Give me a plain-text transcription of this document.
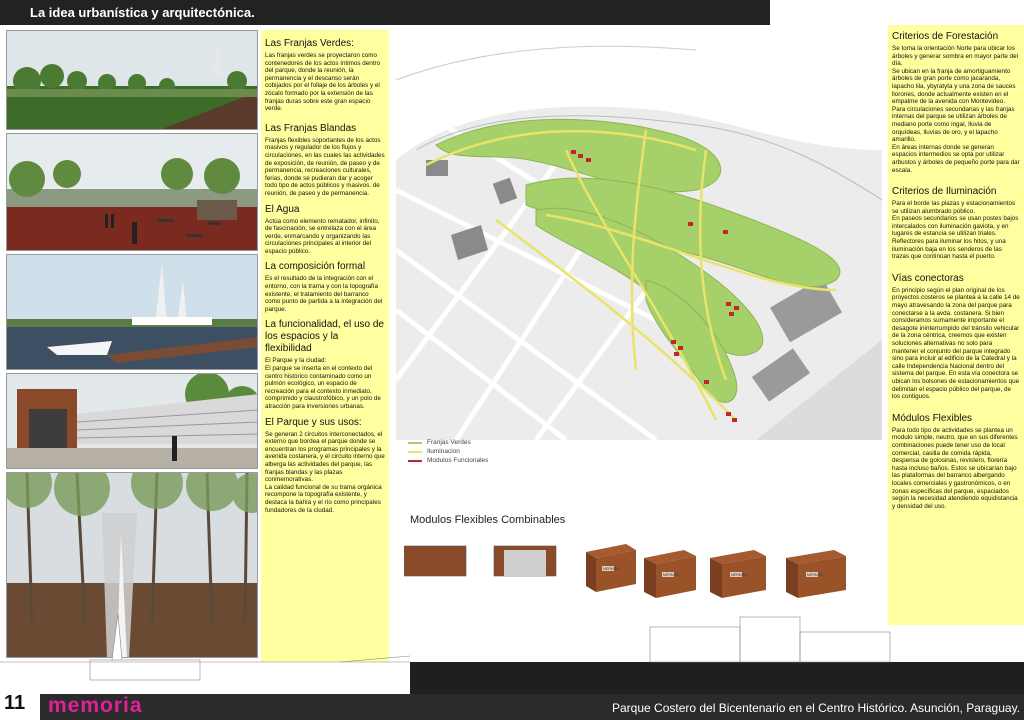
La idea urbanística y arquitectónica.
Las Franjas Verdes:
Las franjas verdes se proyectaron como contenedores de los actos íntimos dentro del parque, donde la reunión, la permanencia y el descanso serán cobijados por el follaje de los árboles y el zócalo formado por la extensión de las franjas duras sobre este gran espacio verde.
Las Franjas Blandas
Franjas flexibles soportantes de los actos masivos y regulador de los flujos y circulaciones, en las cuales las actividades de exposición, de reunión, de paseo y de permanencia, recreaciones culturales, ferias, donde se pudieran dar y acoger todo tipo de actos públicos y masivos. de reunión, de paseo y de permanencia.
El Agua
Actúa como elemento rematador, infinito, de fascinación, se entrelaza con el área verde, enmarcando y organizando las circulaciones principales al interior del espacio público.
La composición formal
Es el resultado de la integración con el entorno, con la trama y con la topografía existente, el tratamiento del barranco como punto de partida a la integración del parque.
La funcionalidad, el uso de los espacios y la flexibilidad
El Parque y la ciudad:
El parque se inserta en el contexto del centro histórico contaminado como un pulmón ecológico, un espacio de recreación para el contexto inmediato, comprimido y claustrofóbico, y un polo de atracción para inversiones urbanas.
El Parque y sus usos:
Se generan 2 circuitos interconectados, el externo que bordea el parque donde se encuentran los programas principales y la avenida costanera, y el circuito interno que alberga las actividades del parque, las franjas blandas y las plazas conmemorativas.
La calidad funcional de su trama orgánica recompone la topografía existente, y destaca la bahía y el río como principales fundadores de la ciudad.
Franjas Verdes
Iluminacion
Modulos Funcionales
Modulos Flexibles Combinables
MERMITA
MERMITA	MERMITA	MERMITA
Criterios de Forestación
Se toma la orientación Norte para ubicar los árboles y generar sombra en mayor parte del día.
Se ubican en la franja de amortiguamiento árboles de gran porte como jacaranda, lapacho lila, ybyratyta y una zona de sauces llorones, donde actualmente existen en el empalme de la avenida con Montevideo.
Para circulaciones secundarias y las franjas internas del parque se utilizan árboles de mediano porte como ingaí, lluvia de orquídeas, lluvias de oro, y el lapacho amarillo.
En áreas internas donde se generan espacios intermedios se opta por utilizar arbustos y árboles de pequeño porte para dar escala.
Criterios de Iluminación
Para el borde las plazas y estacionamientos se utilizan alumbrado público.
En paseos secundarios se usan postes bajos intercalados con iluminación gaviota, y en lugares de estancia se utilizan triales. Reflectores para iluminar los hitos, y una iluminación baja en los senderos de las trazas que continúan hasta el puerto.
Vías conectoras
En principio según el plan original de los proyectos costeros se plantea a la calle 14 de mayo atravesando la zona del parque para conectarse a la avda. costanera. Si bien consideramos sumamente importante el desagote ininterrumpido del tránsito vehicular de la zona céntrica, creemos que existen soluciones alternativas no solo para mantener el conjunto del parque integrado sino para incluir al edificio de la Catedral y la calle Independencia Nacional dentro del sistema del parque. En esta vía conectora se ubican los bolsones de estacionamientos que delimitan el espacio público del parque, de los contiguos.
Módulos Flexibles
Para todo tipo de actividades se plantea un modulo simple, neutro, que en sus diferentes combinaciones puede tener uso de local comercial, casilla de comida rápida, despensa de golosinas, revistero, florería hasta incluso baños. Estos se ubicarían bajo las plataformas del barranco albergando locales comerciales y gastronómicos, o en zonas específicas del parque, espaciados según la necesidad atendiendo equidistancia y densidad del uso.
11 memoria	Parque Costero del Bicentenario en el Centro Histórico. Asunción, Paraguay.
